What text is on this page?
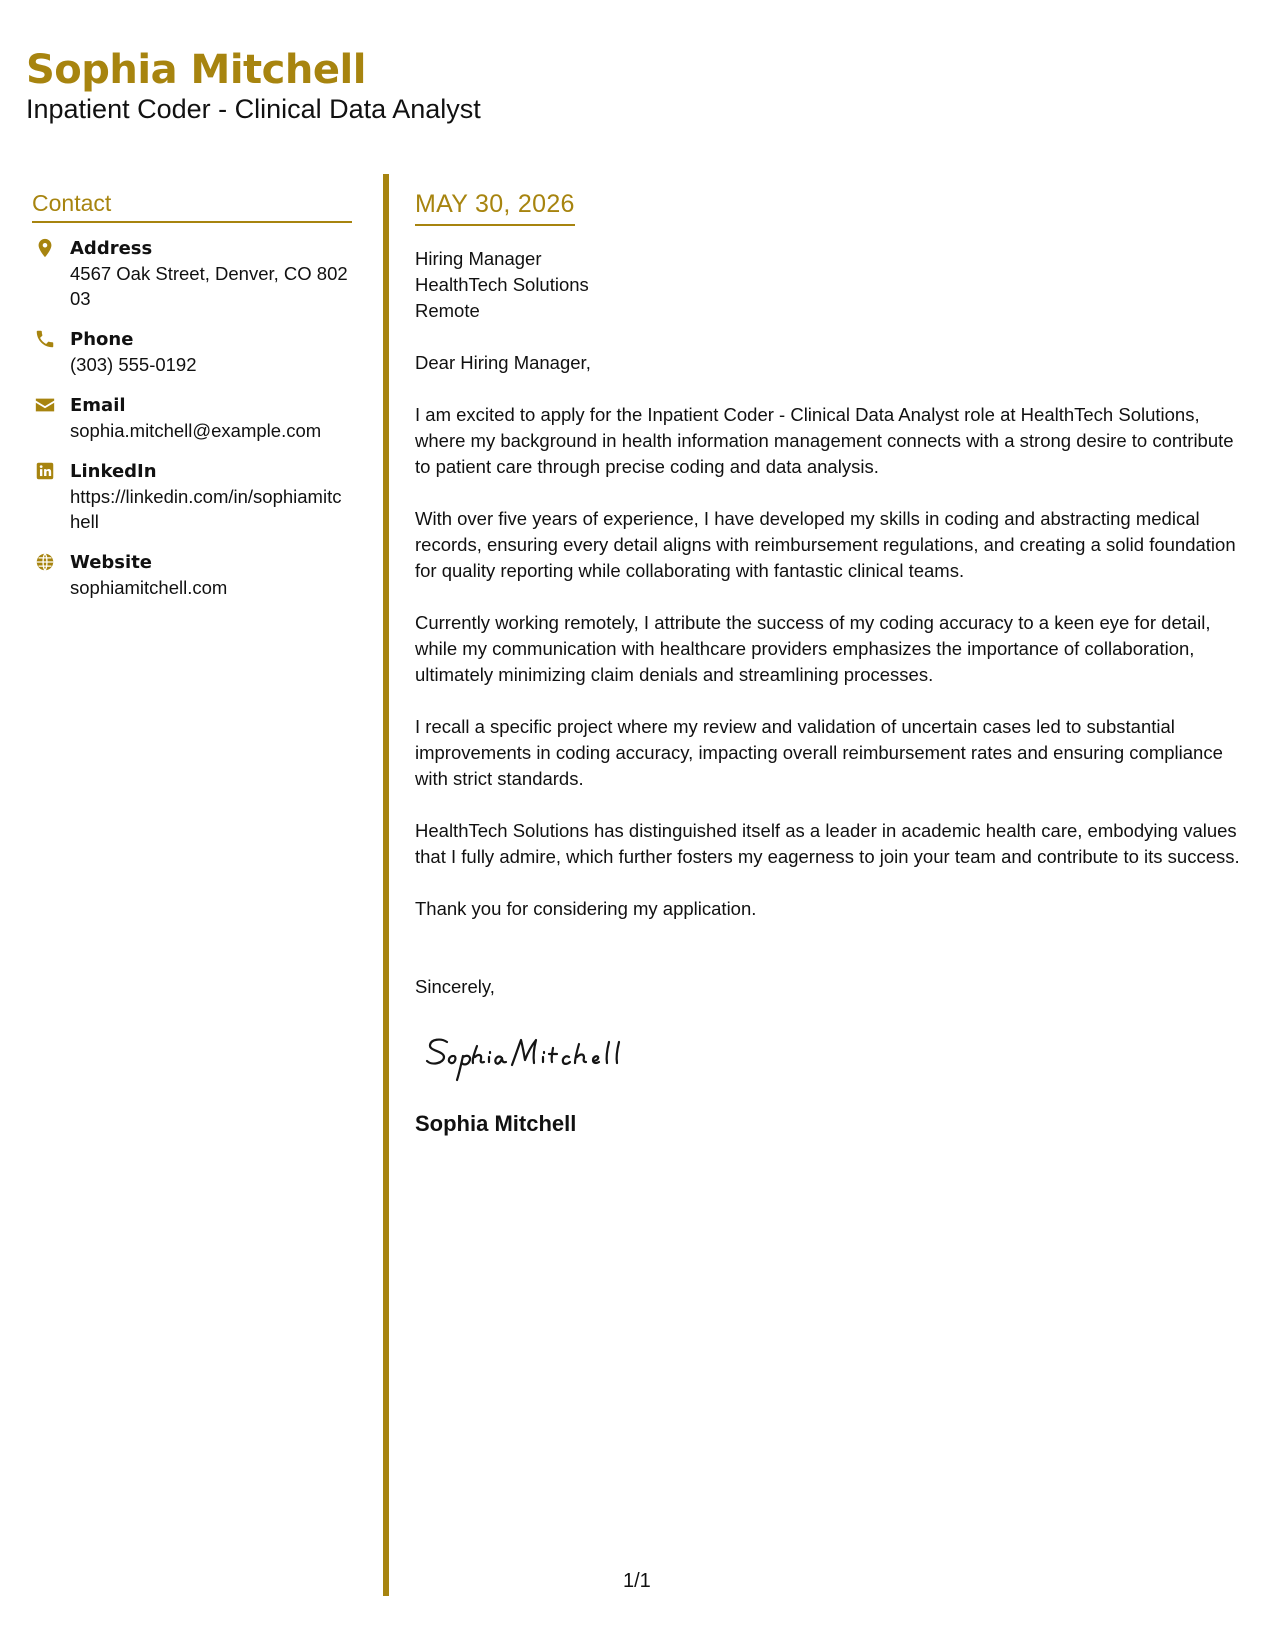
Sophia Mitchell
Inpatient Coder - Clinical Data Analyst
Contact
Address
4567 Oak Street, Denver, CO 80203
Phone
(303) 555-0192
Email
sophia.mitchell@example.com
LinkedIn
https://linkedin.com/in/sophiamitchell
Website
sophiamitchell.com
MAY 30, 2026
Hiring Manager
HealthTech Solutions
Remote
Dear Hiring Manager,
I am excited to apply for the Inpatient Coder - Clinical Data Analyst role at HealthTech Solutions, where my background in health information management connects with a strong desire to contribute to patient care through precise coding and data analysis.
With over five years of experience, I have developed my skills in coding and abstracting medical records, ensuring every detail aligns with reimbursement regulations, and creating a solid foundation for quality reporting while collaborating with fantastic clinical teams.
Currently working remotely, I attribute the success of my coding accuracy to a keen eye for detail, while my communication with healthcare providers emphasizes the importance of collaboration, ultimately minimizing claim denials and streamlining processes.
I recall a specific project where my review and validation of uncertain cases led to substantial improvements in coding accuracy, impacting overall reimbursement rates and ensuring compliance with strict standards.
HealthTech Solutions has distinguished itself as a leader in academic health care, embodying values that I fully admire, which further fosters my eagerness to join your team and contribute to its success.
Thank you for considering my application.
Sincerely,
Sophia Mitchell
1/1
